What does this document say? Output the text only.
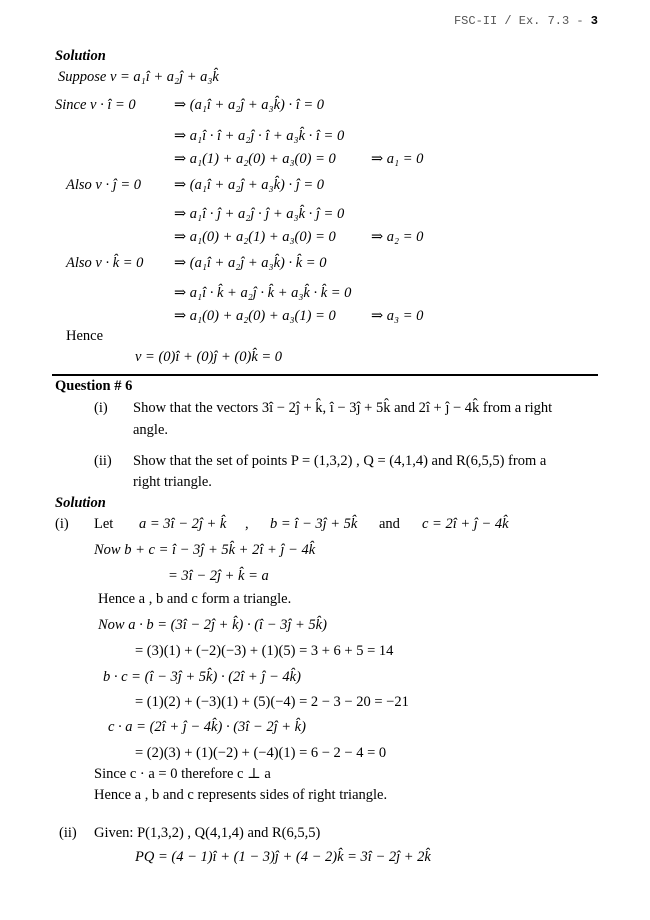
FSC-II / Ex. 7.3 - 3
Solution
Suppose v = a₁î + a₂ĵ + a₃k̂
Since v · î = 0	⇒ (a₁î + a₂ĵ + a₃k̂) · î = 0
⇒ a₁î · î + a₂ĵ · î + a₃k̂ · î = 0
⇒ a₁(1) + a₂(0) + a₃(0) = 0 ⇒ a₁ = 0
Also v · ĵ = 0 ⇒ (a₁î + a₂ĵ + a₃k̂) · ĵ = 0
⇒ a₁î · ĵ + a₂ĵ · ĵ + a₃k̂ · ĵ = 0
⇒ a₁(0) + a₂(1) + a₃(0) = 0 ⇒ a₂ = 0
Also v · k̂ = 0 ⇒ (a₁î + a₂ĵ + a₃k̂) · k̂ = 0
⇒ a₁î · k̂ + a₂ĵ · k̂ + a₃k̂ · k̂ = 0
⇒ a₁(0) + a₂(0) + a₃(1) = 0 ⇒ a₃ = 0
Hence
v = (0)î + (0)ĵ + (0)k̂ = 0
Question # 6
(i) Show that the vectors 3î − 2ĵ + k̂, î − 3ĵ + 5k̂ and 2î + ĵ − 4k̂ from a right
angle.
(ii) Show that the set of points P = (1,3,2) , Q = (4,1,4) and R(6,5,5) from a
right triangle.
Solution
(i) Let a = 3î − 2ĵ + k̂ , b = î − 3ĵ + 5k̂ and c = 2î + ĵ − 4k̂
Now b + c = î − 3ĵ + 5k̂ + 2î + ĵ − 4k̂
= 3î − 2ĵ + k̂ = a
Hence a , b and c form a triangle.
Now a · b = (3î − 2ĵ + k̂) · (î − 3ĵ + 5k̂)
= (3)(1) + (−2)(−3) + (1)(5) = 3 + 6 + 5 = 14
b · c = (î − 3ĵ + 5k̂) · (2î + ĵ − 4k̂)
= (1)(2) + (−3)(1) + (5)(−4) = 2 − 3 − 20 = −21
c · a = (2î + ĵ − 4k̂) · (3î − 2ĵ + k̂)
= (2)(3) + (1)(−2) + (−4)(1) = 6 − 2 − 4 = 0
Since c · a = 0 therefore c ⊥ a
Hence a , b and c represents sides of right triangle.
(ii) Given: P(1,3,2) , Q(4,1,4) and R(6,5,5)
PQ = (4 − 1)î + (1 − 3)ĵ + (4 − 2)k̂ = 3î − 2ĵ + 2k̂
